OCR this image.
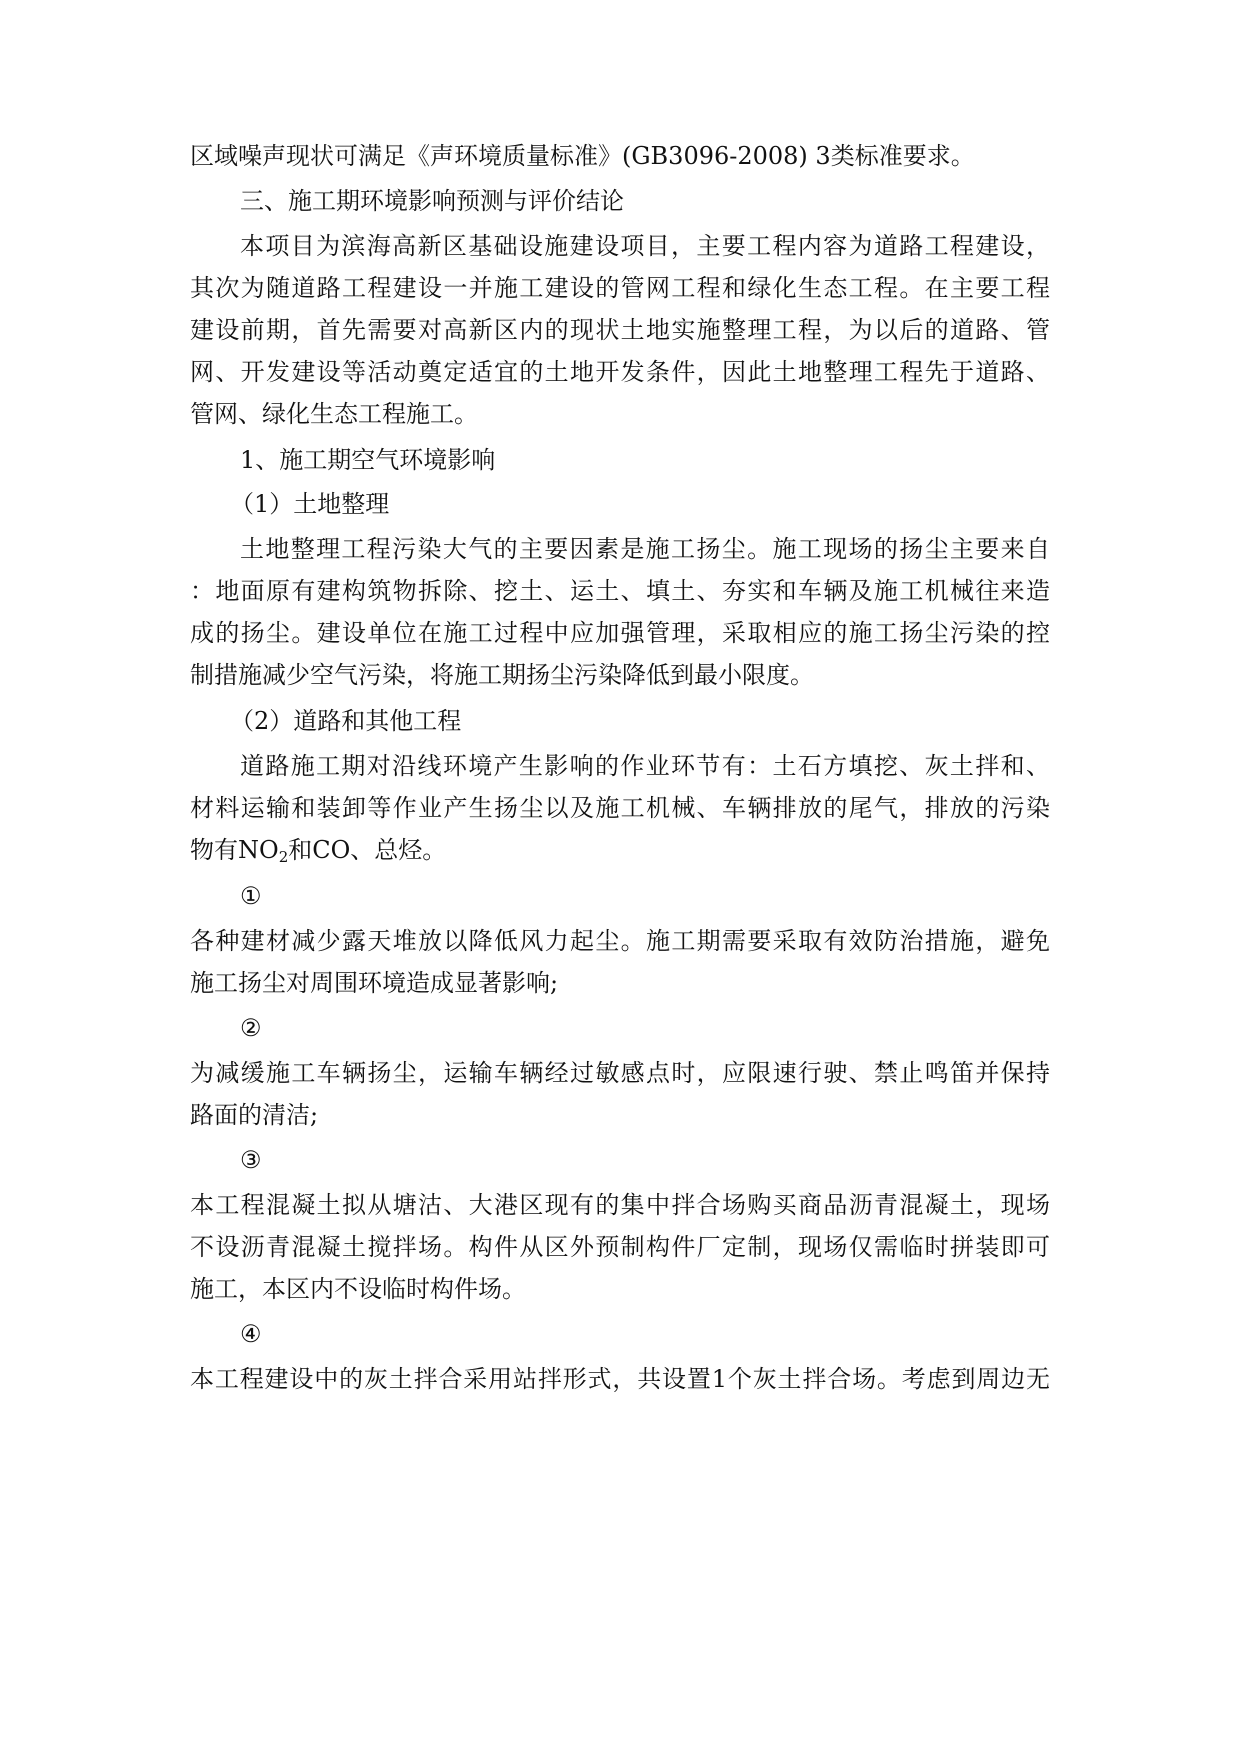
区域噪声现状可满足《声环境质量标准》(GB3096-2008) 3类标准要求。
三、施工期环境影响预测与评价结论
本项目为滨海高新区基础设施建设项目，主要工程内容为道路工程建设，
其次为随道路工程建设一并施工建设的管网工程和绿化生态工程。在主要工程
建设前期，首先需要对高新区内的现状土地实施整理工程，为以后的道路、管
网、开发建设等活动奠定适宜的土地开发条件，因此土地整理工程先于道路、
管网、绿化生态工程施工。
1、施工期空气环境影响
（1）土地整理
土地整理工程污染大气的主要因素是施工扬尘。施工现场的扬尘主要来自
：地面原有建构筑物拆除、挖土、运土、填土、夯实和车辆及施工机械往来造
成的扬尘。建设单位在施工过程中应加强管理，采取相应的施工扬尘污染的控
制措施减少空气污染，将施工期扬尘污染降低到最小限度。
（2）道路和其他工程
道路施工期对沿线环境产生影响的作业环节有：土石方填挖、灰土拌和、
材料运输和装卸等作业产生扬尘以及施工机械、车辆排放的尾气，排放的污染
物有$NO_2$和CO、总烃。
①
各种建材减少露天堆放以降低风力起尘。施工期需要采取有效防治措施，避免
施工扬尘对周围环境造成显著影响;
②
为减缓施工车辆扬尘，运输车辆经过敏感点时，应限速行驶、禁止鸣笛并保持
路面的清洁;
③
本工程混凝土拟从塘沽、大港区现有的集中拌合场购买商品沥青混凝土，现场
不设沥青混凝土搅拌场。构件从区外预制构件厂定制，现场仅需临时拼装即可
施工，本区内不设临时构件场。
④
本工程建设中的灰土拌合采用站拌形式，共设置1个灰土拌合场。考虑到周边无
